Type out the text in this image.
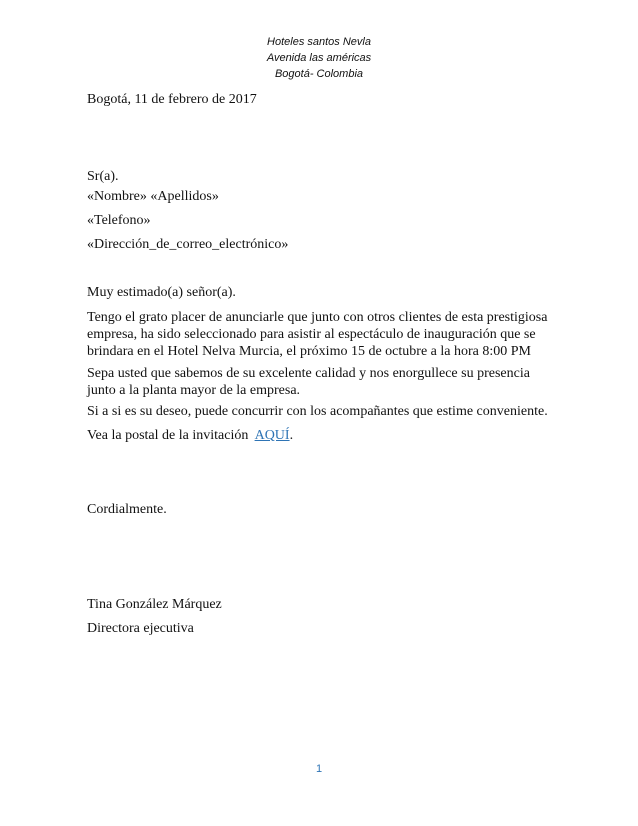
Hoteles santos Nevla
Avenida las américas
Bogotá- Colombia
Bogotá, 11 de febrero de 2017
Sr(a).
«Nombre» «Apellidos»
«Telefono»
«Dirección_de_correo_electrónico»
Muy estimado(a) señor(a).
Tengo el grato placer de anunciarle que junto con otros clientes de esta prestigiosa empresa, ha sido seleccionado para asistir al espectáculo de inauguración que se brindara en el Hotel Nelva Murcia, el próximo 15 de octubre a la hora 8:00 PM
Sepa usted que sabemos de su excelente calidad y nos enorgullece su presencia junto a la planta mayor de la empresa.
Si a si es su deseo, puede concurrir con los acompañantes que estime conveniente.
Vea la postal de la invitación AQUÍ.
Cordialmente.
Tina González Márquez
Directora ejecutiva
1
